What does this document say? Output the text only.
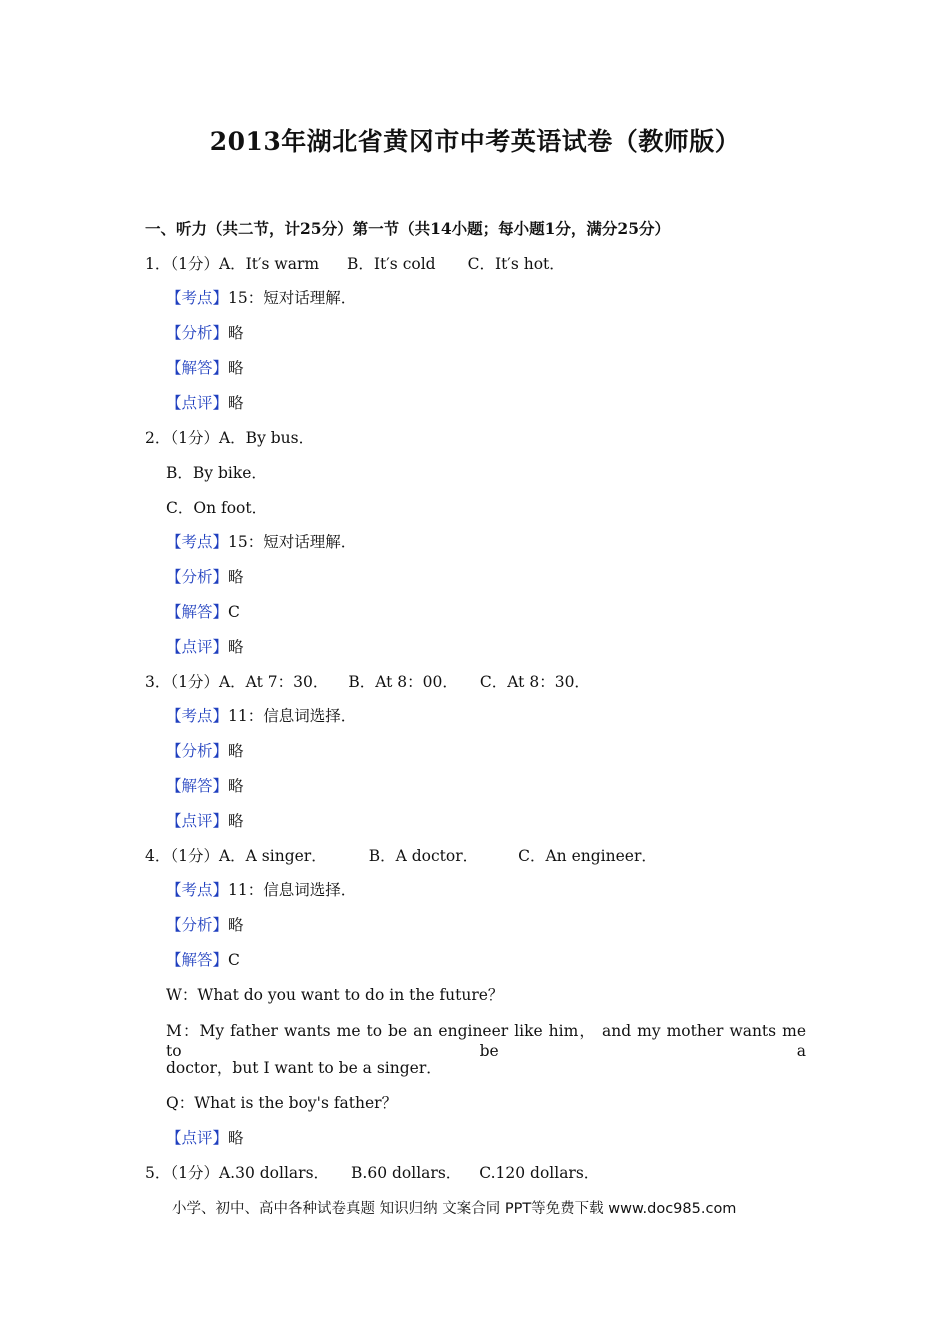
2013年湖北省黄冈市中考英语试卷（教师版）
一、听力（共二节，计25分）第一节（共14小题；每小题1分，满分25分）
1．（1分）A．It′s warm B．It′s cold C．It′s hot．
【考点】15：短对话理解．
【分析】略
【解答】略
【点评】略
2．（1分）A．By bus．
B．By bike．
C．On foot．
【考点】15：短对话理解．
【分析】略
【解答】C
【点评】略
3．（1分）A．At 7：30． B．At 8：00． C．At 8：30．
【考点】11：信息词选择．
【分析】略
【解答】略
【点评】略
4．（1分）A．A singer．	B．A doctor．	C．An engineer．
【考点】11：信息词选择．
【分析】略
【解答】C
W：What do you want to do in the future？
M：My father wants me to be an engineer like him， and my mother wants me to be a
doctor，but I want to be a singer．
Q：What is the boy's father？
【点评】略
5．（1分）A.30 dollars． B.60 dollars． C.120 dollars．
小学、初中、高中各种试卷真题 知识归纳 文案合同 PPT等免费下载 www.doc985.com
